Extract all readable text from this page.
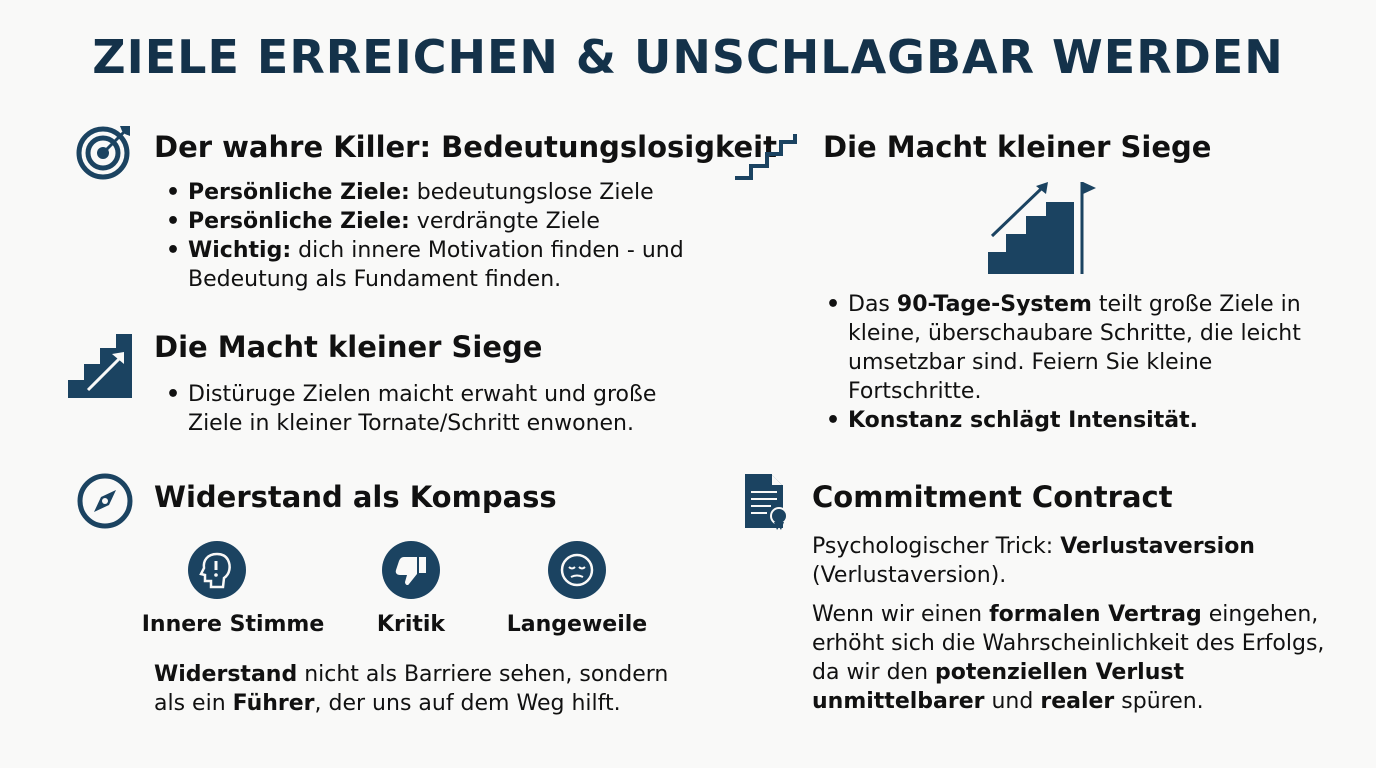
ZIELE ERREICHEN & UNSCHLAGBAR WERDEN
Der wahre Killer: Bedeutungslosigkeit
• Persönliche Ziele: bedeutungslose Ziele
• Persönliche Ziele: verdrängte Ziele
• Wichtig: dich innere Motivation finden - und Bedeutung als Fundament finden.
Die Macht kleiner Siege
• Distüruge Zielen maicht erwaht und große Ziele in kleiner Tornate/Schritt enwonen.
Widerstand als Kompass
Innere Stimme	Kritik	Langeweile

Widerstand nicht als Barriere sehen, sondern als ein Führer, der uns auf dem Weg hilft.

Die Macht kleiner Siege
• Das 90-Tage-System teilt große Ziele in kleine, überschaubare Schritte, die leicht umsetzbar sind. Feiern Sie kleine Fortschritte.
• Konstanz schlägt Intensität.
Commitment Contract

Psychologischer Trick: Verlustaversion (Verlustaversion).

Wenn wir einen formalen Vertrag eingehen, erhöht sich die Wahrscheinlichkeit des Erfolgs, da wir den potenziellen Verlust unmittelbarer und realer spüren.
